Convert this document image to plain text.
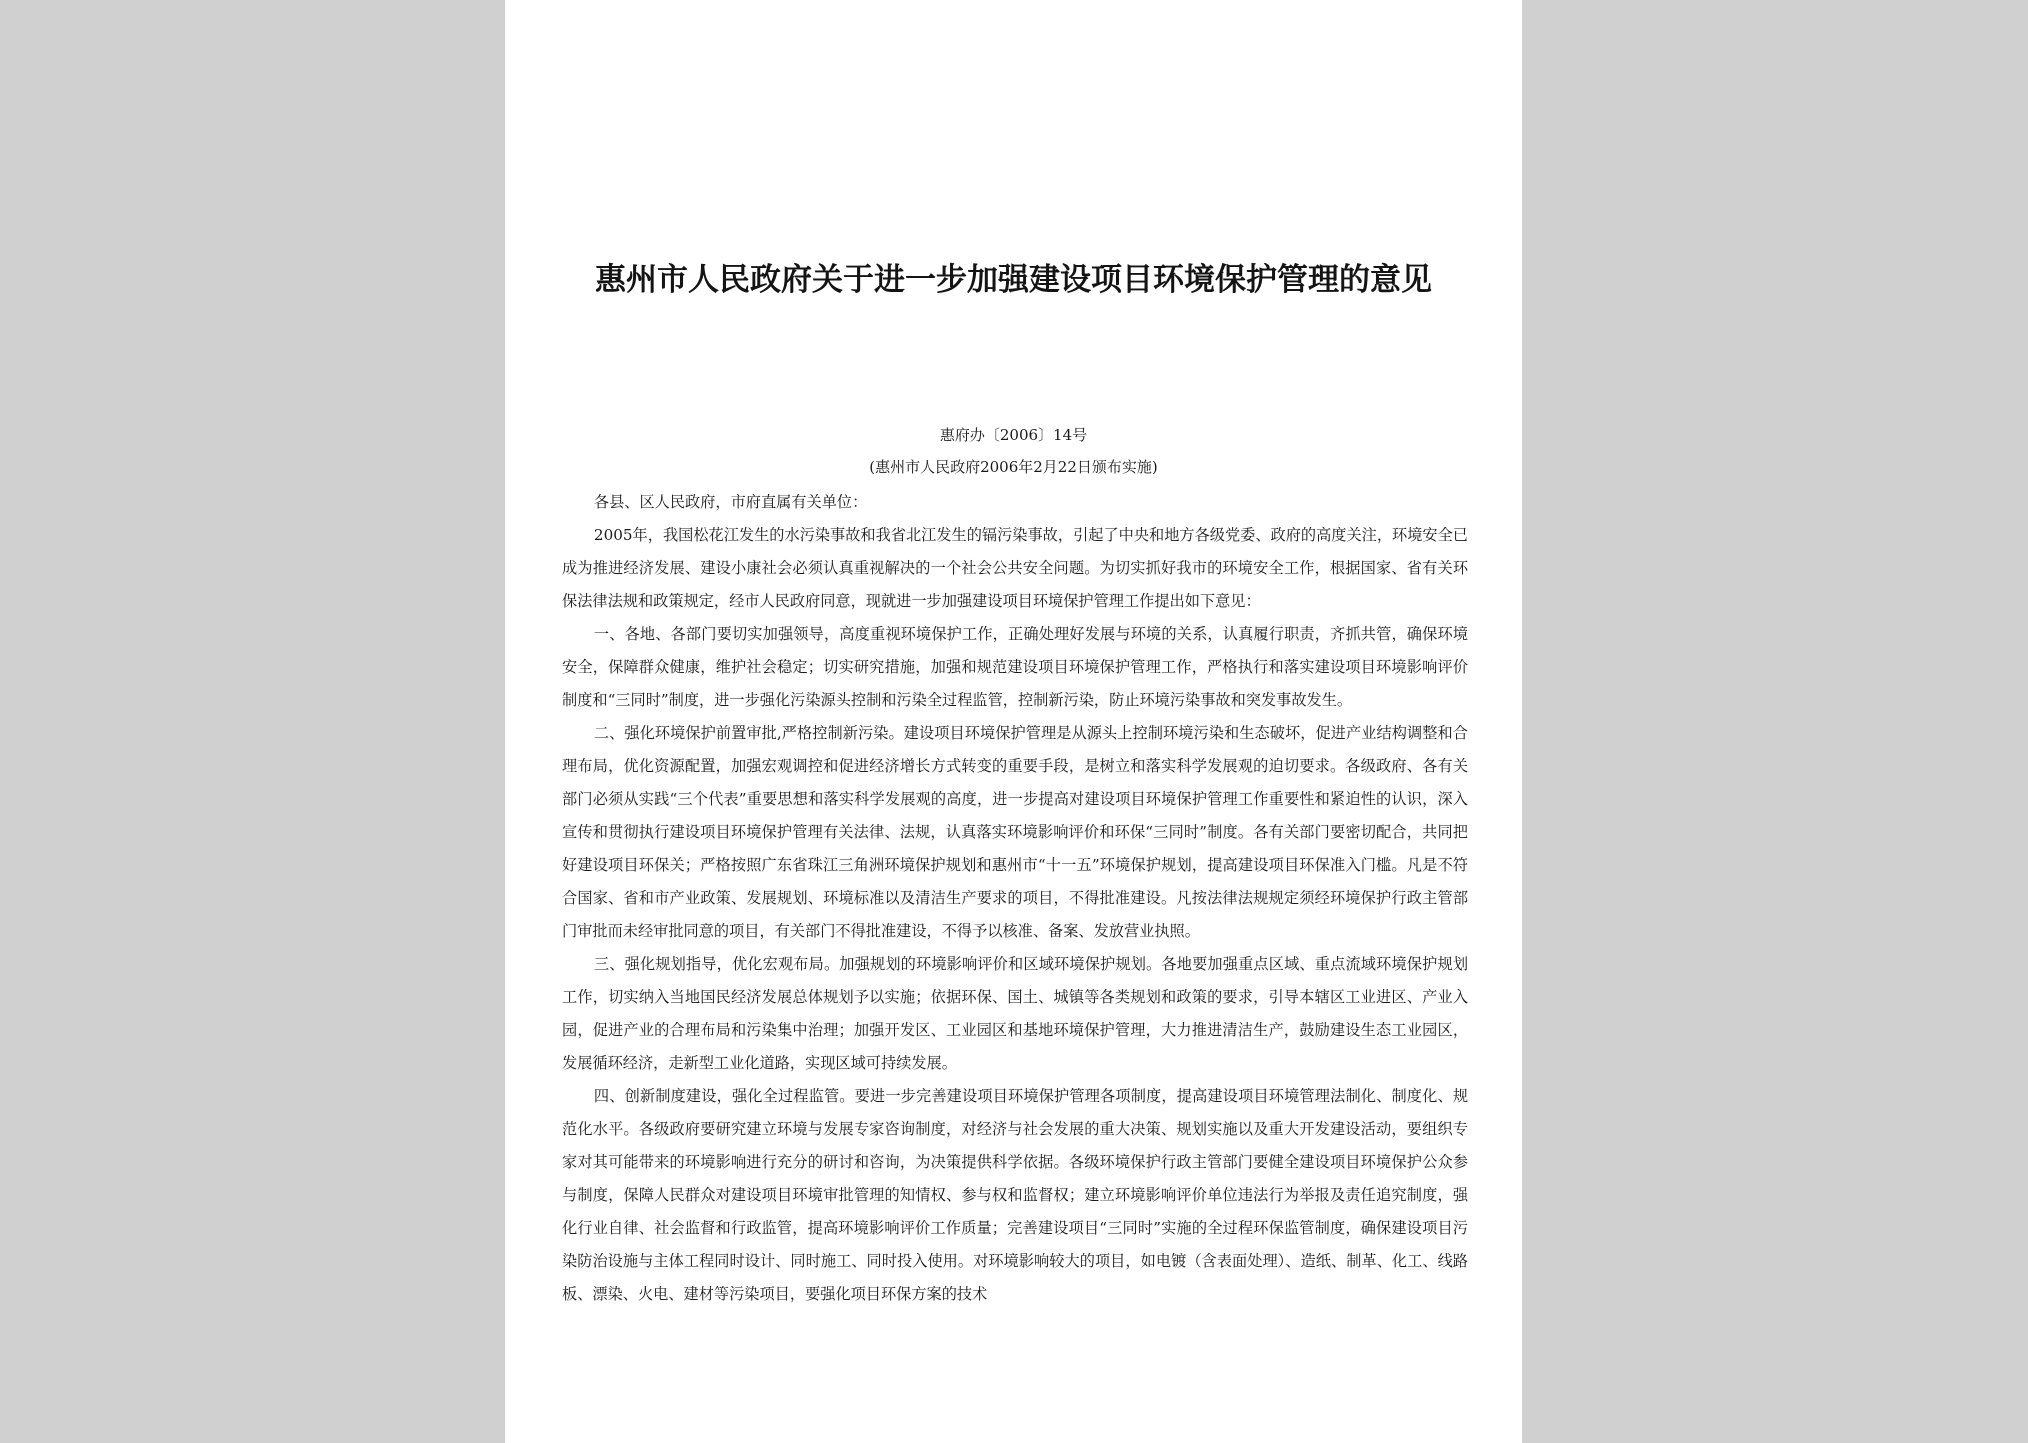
惠州市人民政府关于进一步加强建设项目环境保护管理的意见

惠府办〔2006〕14号

(惠州市人民政府2006年2月22日颁布实施)

各县、区人民政府，市府直属有关单位：

2005年，我国松花江发生的水污染事故和我省北江发生的镉污染事故，引起了中央和地方各级党委、政府的高度关注，环境安全已成为推进经济发展、建设小康社会必须认真重视解决的一个社会公共安全问题。为切实抓好我市的环境安全工作，根据国家、省有关环保法律法规和政策规定，经市人民政府同意，现就进一步加强建设项目环境保护管理工作提出如下意见：

一、各地、各部门要切实加强领导，高度重视环境保护工作，正确处理好发展与环境的关系，认真履行职责，齐抓共管，确保环境安全，保障群众健康，维护社会稳定；切实研究措施，加强和规范建设项目环境保护管理工作，严格执行和落实建设项目环境影响评价制度和“三同时”制度，进一步强化污染源头控制和污染全过程监管，控制新污染，防止环境污染事故和突发事故发生。

二、强化环境保护前置审批,严格控制新污染。建设项目环境保护管理是从源头上控制环境污染和生态破坏，促进产业结构调整和合理布局，优化资源配置，加强宏观调控和促进经济增长方式转变的重要手段，是树立和落实科学发展观的迫切要求。各级政府、各有关部门必须从实践“三个代表”重要思想和落实科学发展观的高度，进一步提高对建设项目环境保护管理工作重要性和紧迫性的认识，深入宣传和贯彻执行建设项目环境保护管理有关法律、法规，认真落实环境影响评价和环保“三同时”制度。各有关部门要密切配合，共同把好建设项目环保关；严格按照广东省珠江三角洲环境保护规划和惠州市“十一五”环境保护规划，提高建设项目环保准入门槛。凡是不符合国家、省和市产业政策、发展规划、环境标准以及清洁生产要求的项目，不得批准建设。凡按法律法规规定须经环境保护行政主管部门审批而未经审批同意的项目，有关部门不得批准建设，不得予以核准、备案、发放营业执照。

三、强化规划指导，优化宏观布局。加强规划的环境影响评价和区域环境保护规划。各地要加强重点区域、重点流域环境保护规划工作，切实纳入当地国民经济发展总体规划予以实施；依据环保、国土、城镇等各类规划和政策的要求，引导本辖区工业进区、产业入园，促进产业的合理布局和污染集中治理；加强开发区、工业园区和基地环境保护管理，大力推进清洁生产，鼓励建设生态工业园区，发展循环经济，走新型工业化道路，实现区域可持续发展。

四、创新制度建设，强化全过程监管。要进一步完善建设项目环境保护管理各项制度，提高建设项目环境管理法制化、制度化、规范化水平。各级政府要研究建立环境与发展专家咨询制度，对经济与社会发展的重大决策、规划实施以及重大开发建设活动，要组织专家对其可能带来的环境影响进行充分的研讨和咨询，为决策提供科学依据。各级环境保护行政主管部门要健全建设项目环境保护公众参与制度，保障人民群众对建设项目环境审批管理的知情权、参与权和监督权；建立环境影响评价单位违法行为举报及责任追究制度，强化行业自律、社会监督和行政监管，提高环境影响评价工作质量；完善建设项目“三同时”实施的全过程环保监管制度，确保建设项目污染防治设施与主体工程同时设计、同时施工、同时投入使用。对环境影响较大的项目，如电镀（含表面处理）、造纸、制革、化工、线路板、漂染、火电、建材等污染项目，要强化项目环保方案的技术
